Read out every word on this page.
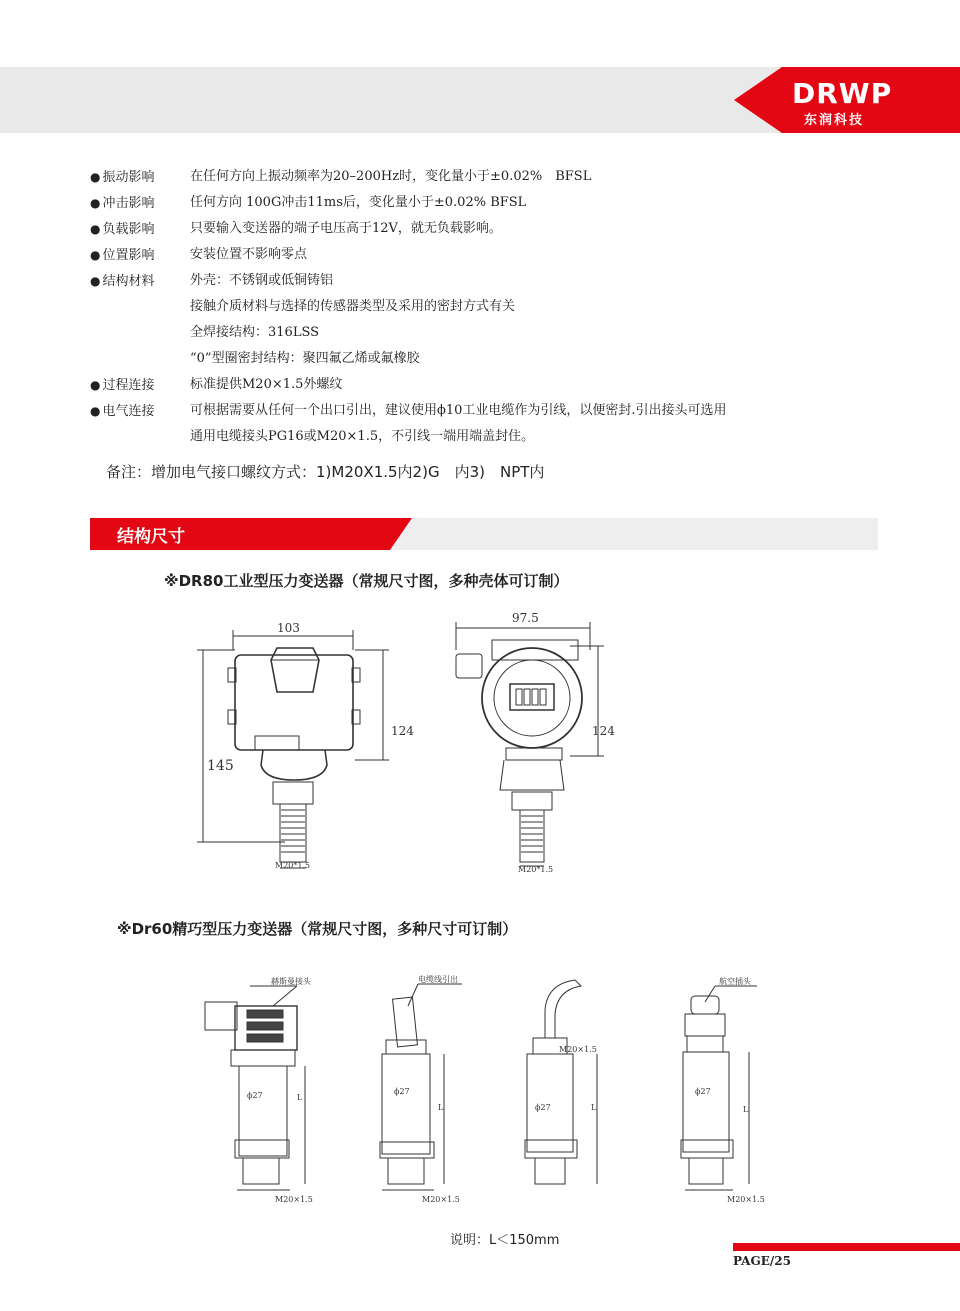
DRWP
东润科技
● 振动影响	在任何方向上振动频率为20–200Hz时，变化量小于±0.02%　BFSL
● 冲击影响	任何方向 100G冲击11ms后，变化量小于±0.02% BFSL
● 负载影响	只要输入变送器的端子电压高于12V，就无负载影响。
● 位置影响	安装位置不影响零点
● 结构材料	外壳：不锈钢或低铜铸铝
接触介质材料与选择的传感器类型及采用的密封方式有关
全焊接结构：316LSS
“0”型圈密封结构：聚四氟乙烯或氟橡胶
● 过程连接	标准提供M20×1.5外螺纹
● 电气连接	可根据需要从任何一个出口引出，建议使用ϕ10工业电缆作为引线，以便密封.引出接头可选用
通用电缆接头PG16或M20×1.5，不引线一端用端盖封住。
备注：增加电气接口螺纹方式：1)M20X1.5内2)G　内3)　NPT内
结构尺寸
※DR80工业型压力变送器（常规尺寸图，多种壳体可订制）
103
124
145
M20*1.5
97.5
124
M20*1.5
※Dr60精巧型压力变送器（常规尺寸图，多种尺寸可订制）
赫斯曼接头
ϕ27	L
M20×1.5
电缆线引出
ϕ27
L
M20×1.5
M20×1.5
ϕ27	L
航空插头
ϕ27
L
M20×1.5
说明：L＜150mm
PAGE/25
